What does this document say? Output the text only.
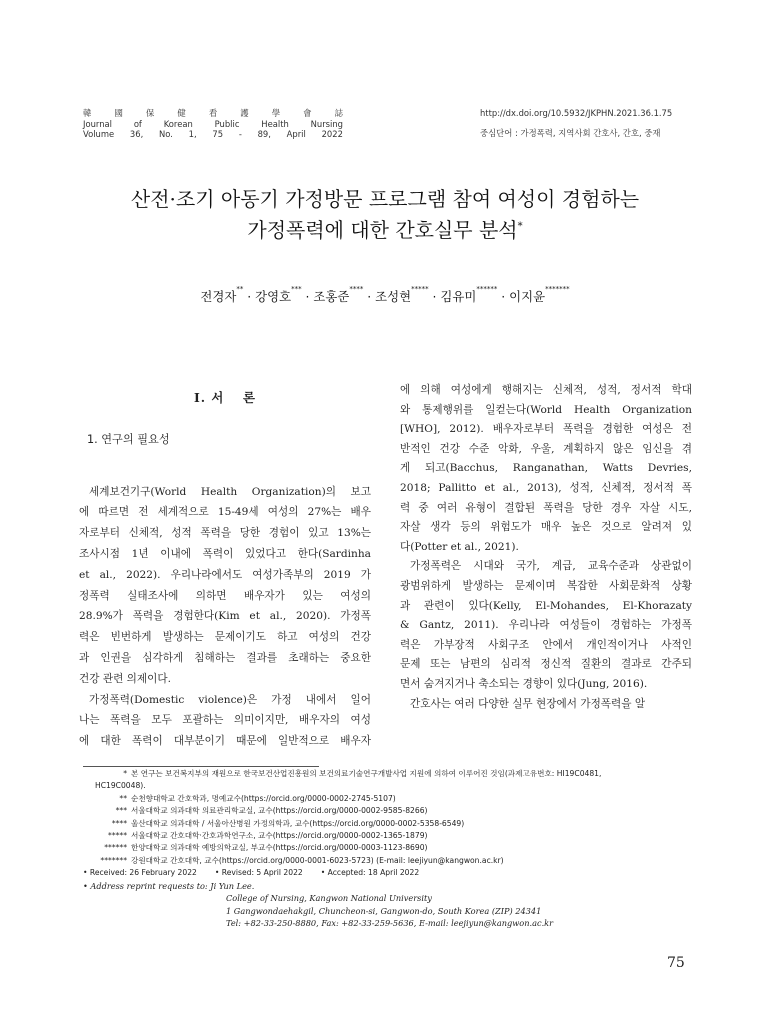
韓	國	保	健	看	護	學	會	誌
Journal	of	Korean	Public	Health	Nursing
Volume 36, No. 1, 75 - 89, April 2022
http://dx.doi.org/10.5932/JKPHN.2021.36.1.75
중심단어 : 가정폭력, 지역사회 간호사, 간호, 중재
산전·조기 아동기 가정방문 프로그램 참여 여성이 경험하는
가정폭력에 대한 간호실무 분석*
전경자** · 강영호*** · 조홍준**** · 조성현***** · 김유미****** · 이지윤*******
Ⅰ. 서　 론
1. 연구의 필요성

세계보건기구(World Health Organization)의 보고

에 따르면 전 세계적으로 15-49세 여성의 27%는 배우

자로부터 신체적, 성적 폭력을 당한 경험이 있고 13%는

조사시점 1년 이내에 폭력이 있었다고 한다(Sardinha

et al., 2022). 우리나라에서도 여성가족부의 2019 가

정폭력 실태조사에 의하면 배우자가 있는 여성의

28.9%가 폭력을 경험한다(Kim et al., 2020). 가정폭

력은 빈번하게 발생하는 문제이기도 하고 여성의 건강

과 인권을 심각하게 침해하는 결과를 초래하는 중요한

건강 관련 의제이다.

가정폭력(Domestic violence)은 가정 내에서 일어

나는 폭력을 모두 포괄하는 의미이지만, 배우자의 여성

에 대한 폭력이 대부분이기 때문에 일반적으로 배우자

에 의해 여성에게 행해지는 신체적, 성적, 정서적 학대

와 통제행위를 일컫는다(World Health Organization

[WHO], 2012). 배우자로부터 폭력을 경험한 여성은 전

반적인 건강 수준 악화, 우울, 계획하지 않은 임신을 겪

게 되고(Bacchus, Ranganathan, Watts Devries,

2018; Pallitto et al., 2013), 성적, 신체적, 정서적 폭

력 중 여러 유형이 결합된 폭력을 당한 경우 자살 시도,

자살 생각 등의 위험도가 매우 높은 것으로 알려져 있

다(Potter et al., 2021).

가정폭력은 시대와 국가, 계급, 교육수준과 상관없이

광범위하게 발생하는 문제이며 복잡한 사회문화적 상황

과 관련이 있다(Kelly, El-Mohandes, El-Khorazaty

& Gantz, 2011). 우리나라 여성들이 경험하는 가정폭

력은 가부장적 사회구조 안에서 개인적이거나 사적인

문제 또는 남편의 심리적 정신적 질환의 결과로 간주되

면서 숨겨지거나 축소되는 경향이 있다(Jung, 2016).

간호사는 여러 다양한 실무 현장에서 가정폭력을 알

* 본 연구는 보건복지부의 재원으로 한국보건산업진흥원의 보건의료기술연구개발사업 지원에 의하여 이루어진 것임(과제고유번호: HI19C0481,
HC19C0048).
** 순천향대학교 간호학과, 명예교수(https://orcid.org/0000-0002-2745-5107)
*** 서울대학교 의과대학 의료관리학교실, 교수(https://orcid.org/0000-0002-9585-8266)
**** 울산대학교 의과대학 / 서울아산병원 가정의학과, 교수(https://orcid.org/0000-0002-5358-6549)
***** 서울대학교 간호대학·간호과학연구소, 교수(https://orcid.org/0000-0002-1365-1879)
****** 한양대학교 의과대학 예방의학교실, 부교수(https://orcid.org/0000-0003-1123-8690)
******* 강원대학교 간호대학, 교수(https://orcid.org/0000-0001-6023-5723) (E-mail: leejiyun@kangwon.ac.kr)
• Received: 26 February 2022 • Revised: 5 April 2022 • Accepted: 18 April 2022
• Address reprint requests to: Ji Yun Lee.
College of Nursing, Kangwon National University
1 Gangwondaehakgil, Chuncheon-si, Gangwon-do, South Korea (ZIP) 24341
Tel: +82-33-250-8880, Fax: +82-33-259-5636, E-mail: leejiyun@kangwon.ac.kr
75
